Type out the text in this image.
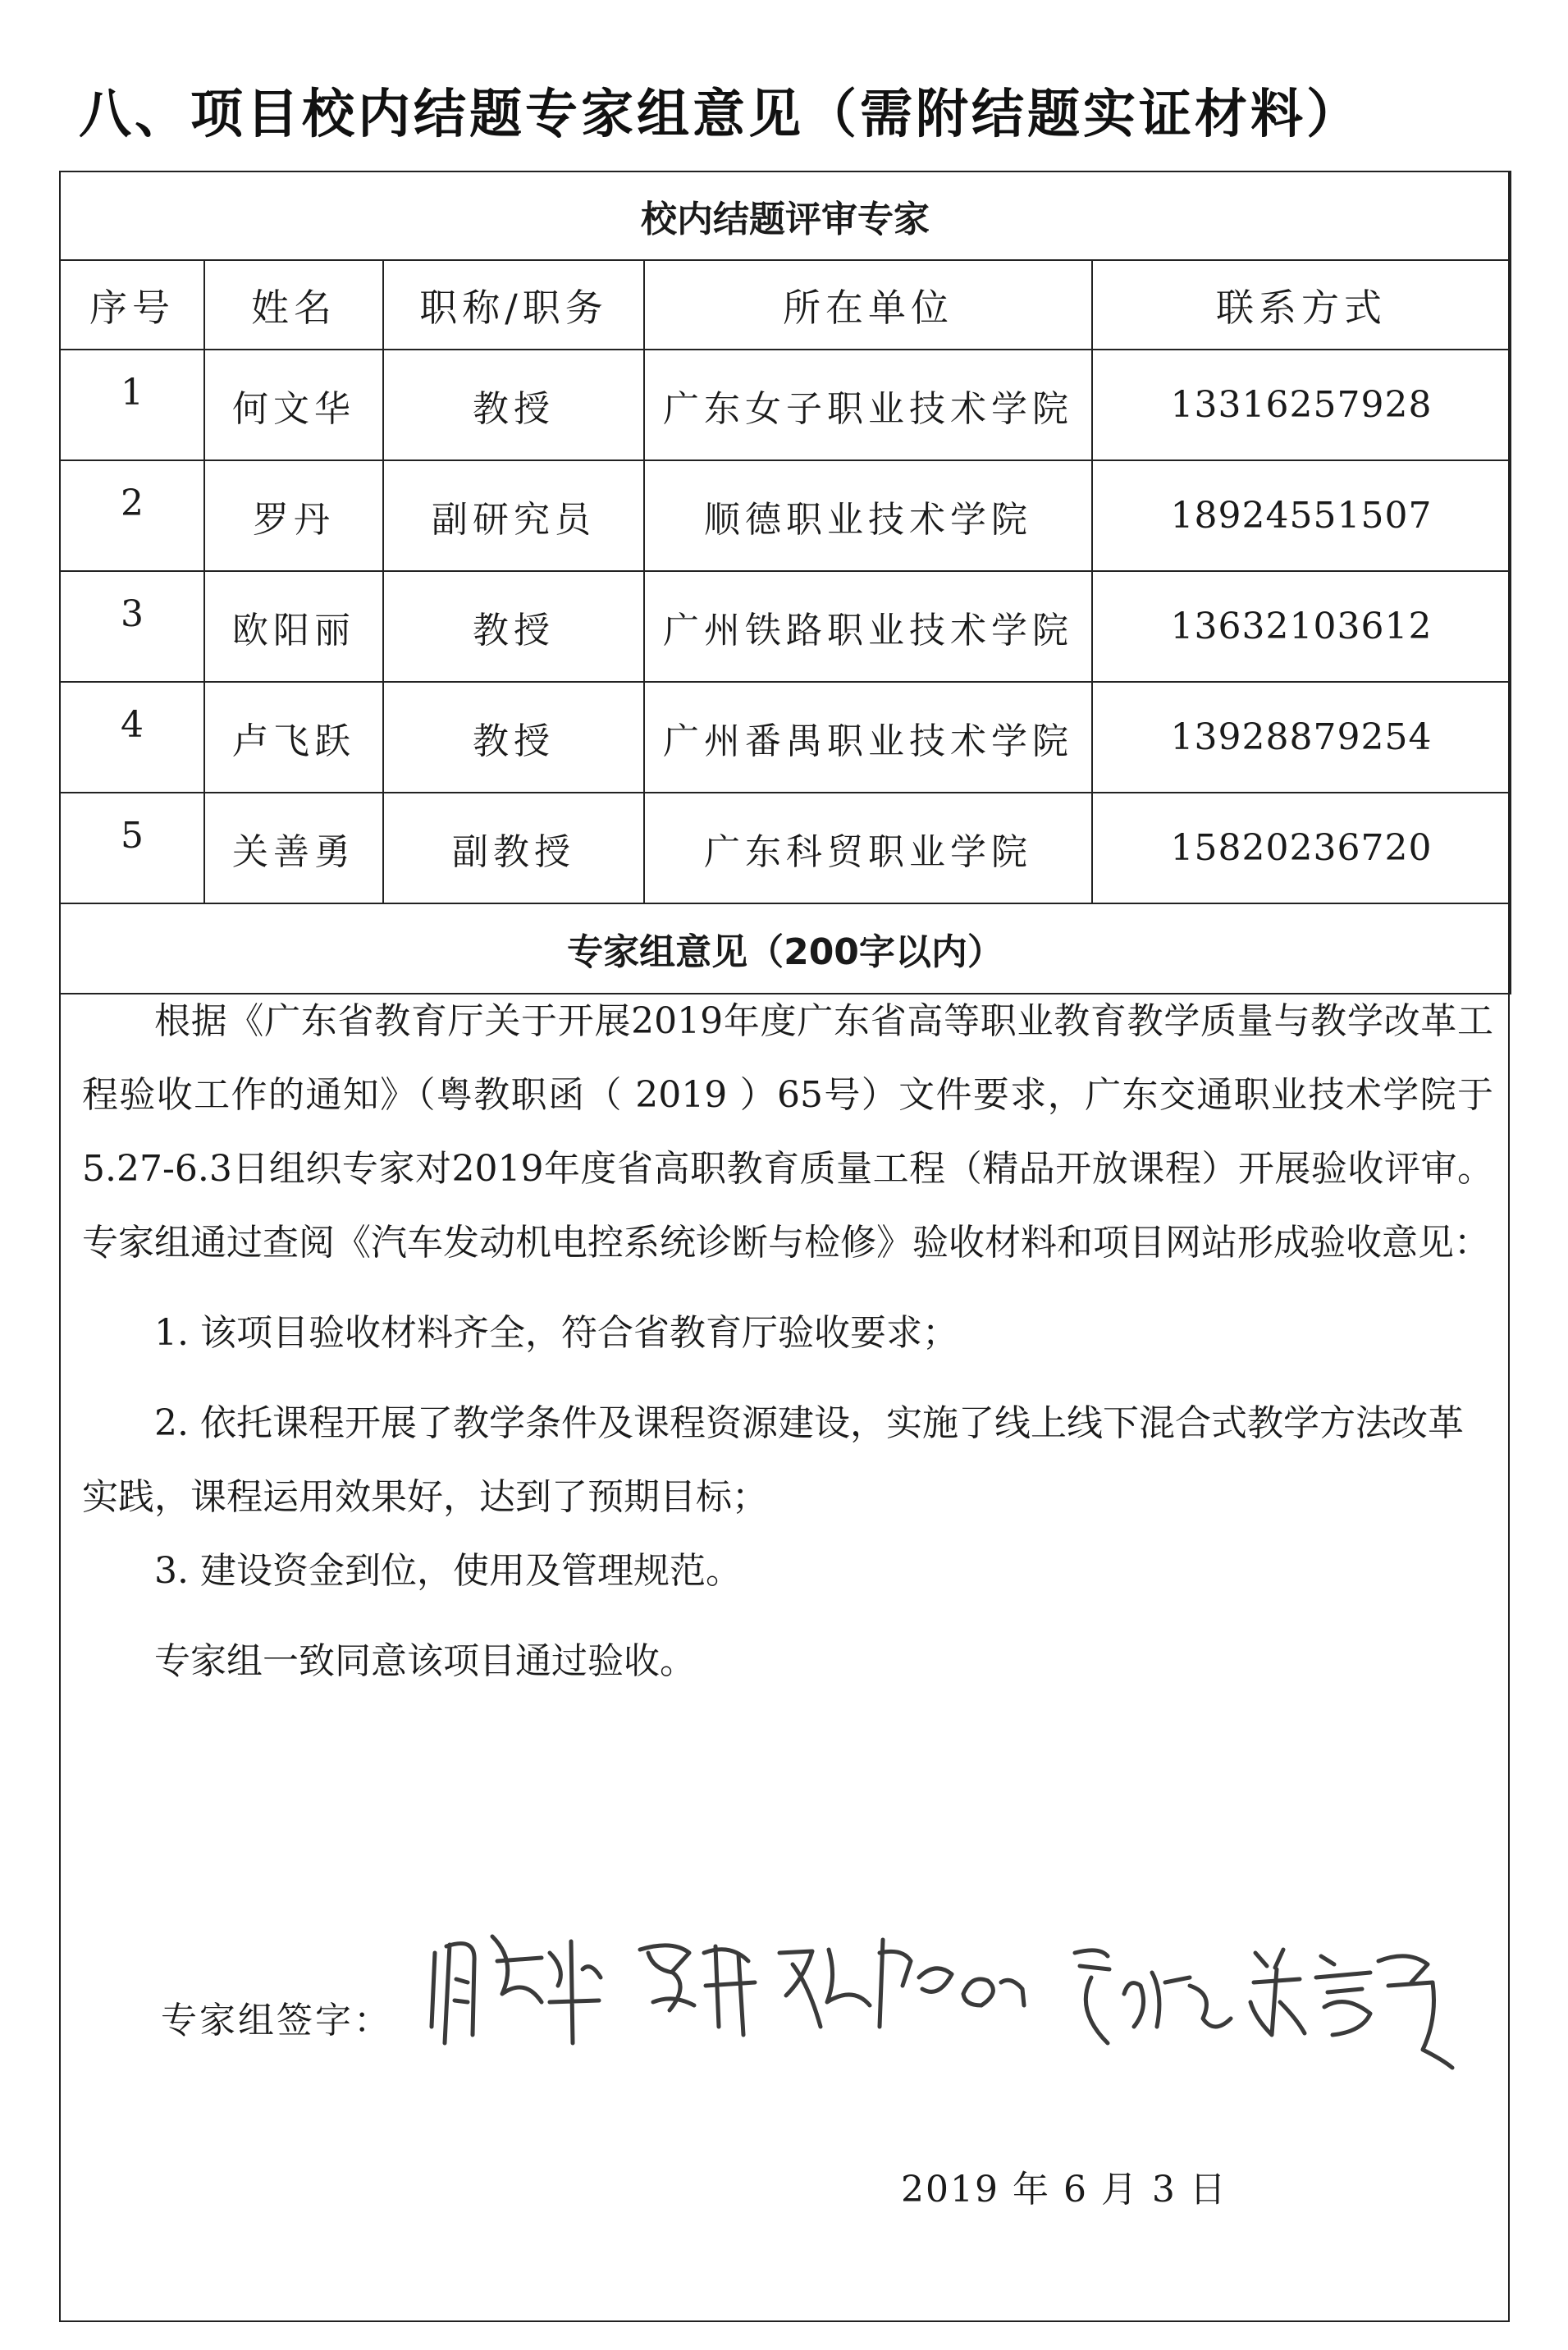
八、项目校内结题专家组意见（需附结题实证材料）
校内结题评审专家				
序号	姓名	职称/职务	所在单位	联系方式
1	何文华	教授	广东女子职业技术学院	13316257928
2	罗丹	副研究员	顺德职业技术学院	18924551507
3	欧阳丽	教授	广州铁路职业技术学院	13632103612
4	卢飞跃	教授	广州番禺职业技术学院	13928879254
5	关善勇	副教授	广东科贸职业学院	15820236720
专家组意见（200字以内）				

根据《广东省教育厅关于开展2019年度广东省高等职业教育教学质量与教学改革工程验收工作的通知》（粤教职函（ 2019 ）65号）文件要求，广东交通职业技术学院于5.27-6.3日组织专家对2019年度省高职教育质量工程（精品开放课程）开展验收评审。专家组通过查阅《汽车发动机电控系统诊断与检修》验收材料和项目网站形成验收意见：

1. 该项目验收材料齐全，符合省教育厅验收要求；

2. 依托课程开展了教学条件及课程资源建设，实施了线上线下混合式教学方法改革实践，课程运用效果好，达到了预期目标；

3. 建设资金到位，使用及管理规范。

专家组一致同意该项目通过验收。

专家组签字：
2019 年 6 月 3 日
